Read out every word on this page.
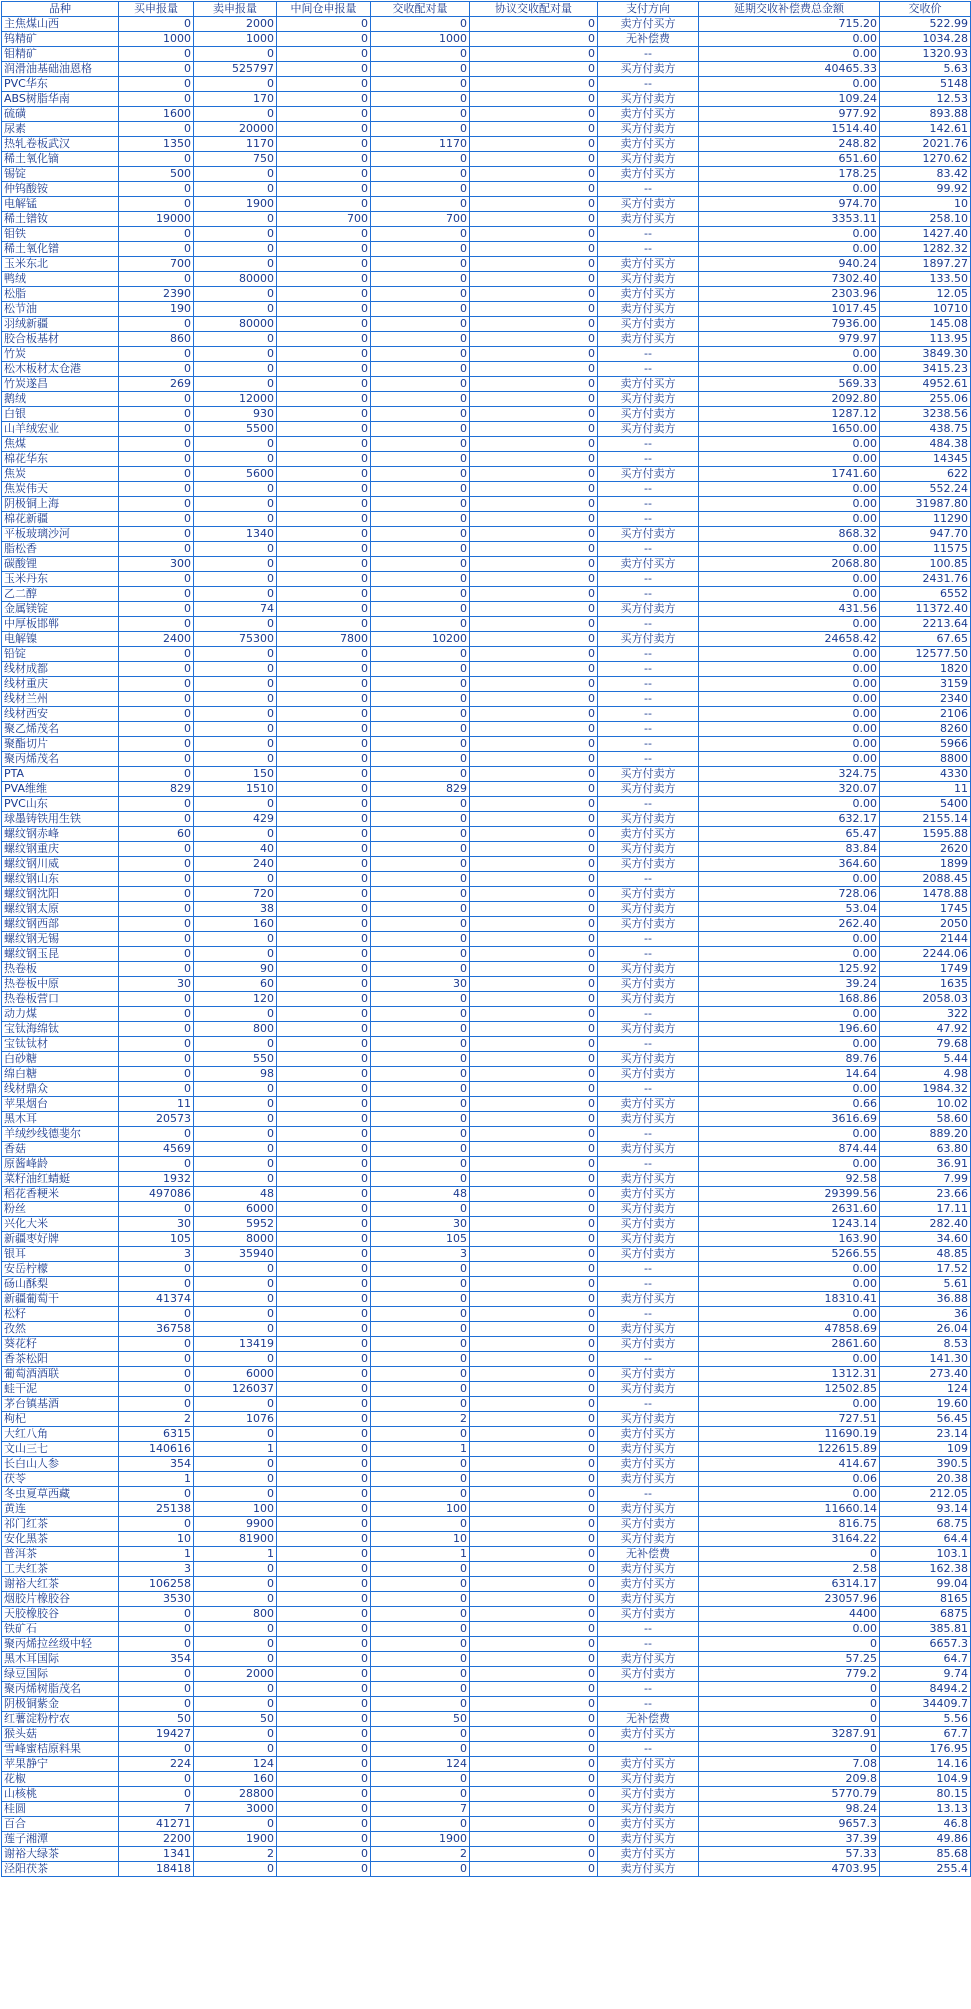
品种	买申报量	卖申报量	中间仓申报量	交收配对量	协议交收配对量	支付方向	延期交收补偿费总金额	交收价
主焦煤山西	0	2000	0	0	0	卖方付买方	715.20	522.99
钨精矿	1000	1000	0	1000	0	无补偿费	0.00	1034.28
钼精矿	0	0	0	0	0	--	0.00	1320.93
润滑油基础油恩格	0	525797	0	0	0	买方付卖方	40465.33	5.63
PVC华东	0	0	0	0	0	--	0.00	5148
ABS树脂华南	0	170	0	0	0	买方付卖方	109.24	12.53
硫磺	1600	0	0	0	0	卖方付买方	977.92	893.88
尿素	0	20000	0	0	0	买方付卖方	1514.40	142.61
热轧卷板武汉	1350	1170	0	1170	0	卖方付买方	248.82	2021.76
稀土氧化镝	0	750	0	0	0	买方付卖方	651.60	1270.62
锡锭	500	0	0	0	0	卖方付买方	178.25	83.42
仲钨酸铵	0	0	0	0	0	--	0.00	99.92
电解锰	0	1900	0	0	0	买方付卖方	974.70	10
稀土镨钕	19000	0	700	700	0	卖方付买方	3353.11	258.10
钼铁	0	0	0	0	0	--	0.00	1427.40
稀土氧化镨	0	0	0	0	0	--	0.00	1282.32
玉米东北	700	0	0	0	0	卖方付买方	940.24	1897.27
鸭绒	0	80000	0	0	0	买方付卖方	7302.40	133.50
松脂	2390	0	0	0	0	卖方付买方	2303.96	12.05
松节油	190	0	0	0	0	卖方付买方	1017.45	10710
羽绒新疆	0	80000	0	0	0	买方付卖方	7936.00	145.08
胶合板基材	860	0	0	0	0	卖方付买方	979.97	113.95
竹炭	0	0	0	0	0	--	0.00	3849.30
松木板材太仓港	0	0	0	0	0	--	0.00	3415.23
竹炭遂昌	269	0	0	0	0	卖方付买方	569.33	4952.61
鹅绒	0	12000	0	0	0	买方付卖方	2092.80	255.06
白银	0	930	0	0	0	买方付卖方	1287.12	3238.56
山羊绒宏业	0	5500	0	0	0	买方付卖方	1650.00	438.75
焦煤	0	0	0	0	0	--	0.00	484.38
棉花华东	0	0	0	0	0	--	0.00	14345
焦炭	0	5600	0	0	0	买方付卖方	1741.60	622
焦炭伟天	0	0	0	0	0	--	0.00	552.24
阴极铜上海	0	0	0	0	0	--	0.00	31987.80
棉花新疆	0	0	0	0	0	--	0.00	11290
平板玻璃沙河	0	1340	0	0	0	买方付卖方	868.32	947.70
脂松香	0	0	0	0	0	--	0.00	11575
碳酸锂	300	0	0	0	0	卖方付买方	2068.80	100.85
玉米丹东	0	0	0	0	0	--	0.00	2431.76
乙二醇	0	0	0	0	0	--	0.00	6552
金属镁锭	0	74	0	0	0	买方付卖方	431.56	11372.40
中厚板邯郸	0	0	0	0	0	--	0.00	2213.64
电解镍	2400	75300	7800	10200	0	买方付卖方	24658.42	67.65
铅锭	0	0	0	0	0	--	0.00	12577.50
线材成都	0	0	0	0	0	--	0.00	1820
线材重庆	0	0	0	0	0	--	0.00	3159
线材兰州	0	0	0	0	0	--	0.00	2340
线材西安	0	0	0	0	0	--	0.00	2106
聚乙烯茂名	0	0	0	0	0	--	0.00	8260
聚酯切片	0	0	0	0	0	--	0.00	5966
聚丙烯茂名	0	0	0	0	0	--	0.00	8800
PTA	0	150	0	0	0	买方付卖方	324.75	4330
PVA维维	829	1510	0	829	0	买方付卖方	320.07	11
PVC山东	0	0	0	0	0	--	0.00	5400
球墨铸铁用生铁	0	429	0	0	0	买方付卖方	632.17	2155.14
螺纹钢赤峰	60	0	0	0	0	卖方付买方	65.47	1595.88
螺纹钢重庆	0	40	0	0	0	买方付卖方	83.84	2620
螺纹钢川威	0	240	0	0	0	买方付卖方	364.60	1899
螺纹钢山东	0	0	0	0	0	--	0.00	2088.45
螺纹钢沈阳	0	720	0	0	0	买方付卖方	728.06	1478.88
螺纹钢太原	0	38	0	0	0	买方付卖方	53.04	1745
螺纹钢西部	0	160	0	0	0	买方付卖方	262.40	2050
螺纹钢无锡	0	0	0	0	0	--	0.00	2144
螺纹钢玉昆	0	0	0	0	0	--	0.00	2244.06
热卷板	0	90	0	0	0	买方付卖方	125.92	1749
热卷板中原	30	60	0	30	0	买方付卖方	39.24	1635
热卷板营口	0	120	0	0	0	买方付卖方	168.86	2058.03
动力煤	0	0	0	0	0	--	0.00	322
宝钛海绵钛	0	800	0	0	0	买方付卖方	196.60	47.92
宝钛钛材	0	0	0	0	0	--	0.00	79.68
白砂糖	0	550	0	0	0	买方付卖方	89.76	5.44
绵白糖	0	98	0	0	0	买方付卖方	14.64	4.98
线材鼎众	0	0	0	0	0	--	0.00	1984.32
苹果烟台	11	0	0	0	0	卖方付买方	0.66	10.02
黑木耳	20573	0	0	0	0	卖方付买方	3616.69	58.60
羊绒纱线德斐尔	0	0	0	0	0	--	0.00	889.20
香菇	4569	0	0	0	0	卖方付买方	874.44	63.80
原酱峰龄	0	0	0	0	0	--	0.00	36.91
菜籽油红蜻蜓	1932	0	0	0	0	卖方付买方	92.58	7.99
稻花香粳米	497086	48	0	48	0	卖方付买方	29399.56	23.66
粉丝	0	6000	0	0	0	买方付卖方	2631.60	17.11
兴化大米	30	5952	0	30	0	买方付卖方	1243.14	282.40
新疆枣好牌	105	8000	0	105	0	买方付卖方	163.90	34.60
银耳	3	35940	0	3	0	买方付卖方	5266.55	48.85
安岳柠檬	0	0	0	0	0	--	0.00	17.52
砀山酥梨	0	0	0	0	0	--	0.00	5.61
新疆葡萄干	41374	0	0	0	0	卖方付买方	18310.41	36.88
松籽	0	0	0	0	0	--	0.00	36
孜然	36758	0	0	0	0	卖方付买方	47858.69	26.04
葵花籽	0	13419	0	0	0	买方付卖方	2861.60	8.53
香茶松阳	0	0	0	0	0	--	0.00	141.30
葡萄酒酒联	0	6000	0	0	0	买方付卖方	1312.31	273.40
蛙干泥	0	126037	0	0	0	买方付卖方	12502.85	124
茅台镇基酒	0	0	0	0	0	--	0.00	19.60
枸杞	2	1076	0	2	0	买方付卖方	727.51	56.45
大红八角	6315	0	0	0	0	卖方付买方	11690.19	23.14
文山三七	140616	1	0	1	0	卖方付买方	122615.89	109
长白山人参	354	0	0	0	0	卖方付买方	414.67	390.5
茯苓	1	0	0	0	0	卖方付买方	0.06	20.38
冬虫夏草西藏	0	0	0	0	0	--	0.00	212.05
黄连	25138	100	0	100	0	卖方付买方	11660.14	93.14
祁门红茶	0	9900	0	0	0	买方付卖方	816.75	68.75
安化黑茶	10	81900	0	10	0	买方付卖方	3164.22	64.4
普洱茶	1	1	0	1	0	无补偿费	0	103.1
工夫红茶	3	0	0	0	0	卖方付买方	2.58	162.38
谢裕大红茶	106258	0	0	0	0	卖方付买方	6314.17	99.04
烟胶片橡胶谷	3530	0	0	0	0	卖方付买方	23057.96	8165
天胶橡胶谷	0	800	0	0	0	买方付卖方	4400	6875
铁矿石	0	0	0	0	0	--	0.00	385.81
聚丙烯拉丝级中轻	0	0	0	0	0	--	0	6657.3
黑木耳国际	354	0	0	0	0	卖方付买方	57.25	64.7
绿豆国际	0	2000	0	0	0	买方付卖方	779.2	9.74
聚丙烯树脂茂名	0	0	0	0	0	--	0	8494.2
阴极铜紫金	0	0	0	0	0	--	0	34409.7
红薯淀粉柠农	50	50	0	50	0	无补偿费	0	5.56
猴头菇	19427	0	0	0	0	卖方付买方	3287.91	67.7
雪峰蜜桔原料果	0	0	0	0	0	--	0	176.95
苹果静宁	224	124	0	124	0	卖方付买方	7.08	14.16
花椒	0	160	0	0	0	买方付卖方	209.8	104.9
山核桃	0	28800	0	0	0	买方付卖方	5770.79	80.15
桂圆	7	3000	0	7	0	买方付卖方	98.24	13.13
百合	41271	0	0	0	0	卖方付买方	9657.3	46.8
莲子湘潭	2200	1900	0	1900	0	卖方付买方	37.39	49.86
谢裕大绿茶	1341	2	0	2	0	卖方付买方	57.33	85.68
泾阳茯茶	18418	0	0	0	0	卖方付买方	4703.95	255.4
